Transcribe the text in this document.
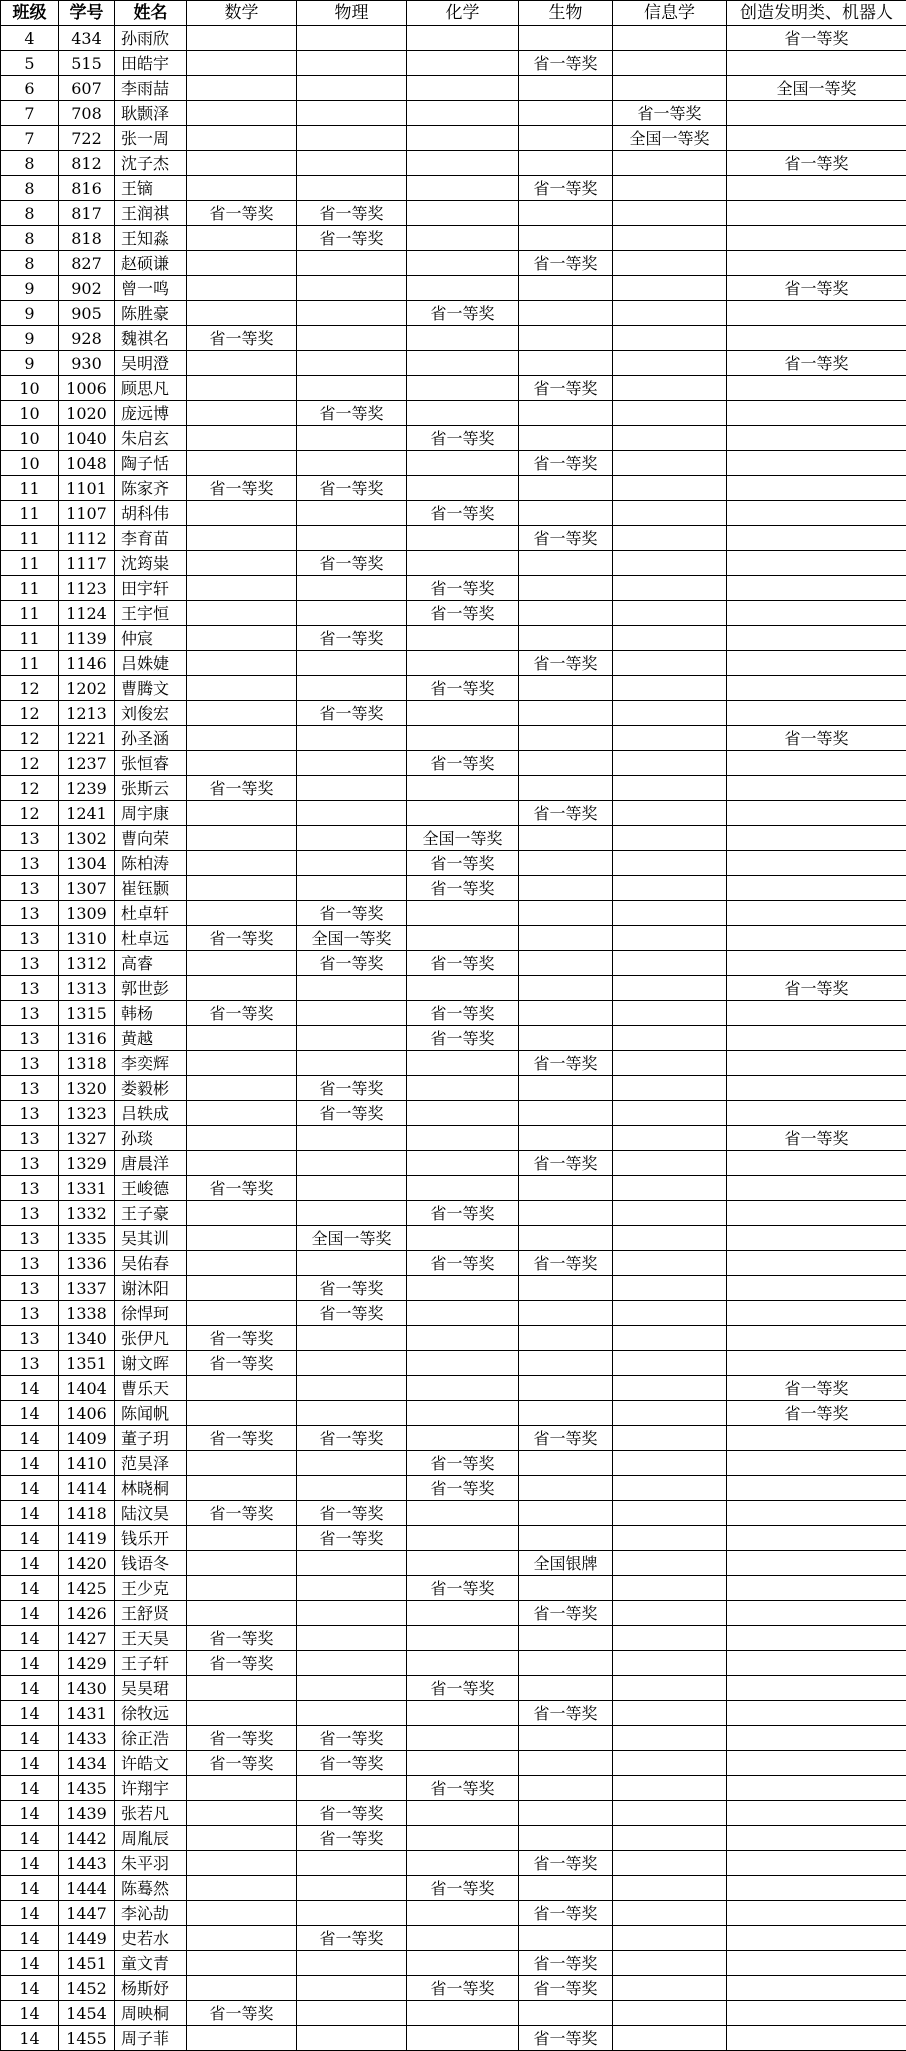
班级	学号	姓名	数学	物理	化学	生物	信息学	创造发明类、机器人
4	434	孙雨欣						省一等奖
5	515	田皓宇				省一等奖		
6	607	李雨喆						全国一等奖
7	708	耿颢泽					省一等奖	
7	722	张一周					全国一等奖	
8	812	沈子杰						省一等奖
8	816	王镝				省一等奖		
8	817	王润祺	省一等奖	省一等奖				
8	818	王知淼		省一等奖				
8	827	赵硕谦				省一等奖		
9	902	曾一鸣						省一等奖
9	905	陈胜豪			省一等奖			
9	928	魏祺名	省一等奖					
9	930	吴明澄						省一等奖
10	1006	顾思凡				省一等奖		
10	1020	庞远博		省一等奖				
10	1040	朱启玄			省一等奖			
10	1048	陶子恬				省一等奖		
11	1101	陈家齐	省一等奖	省一等奖				
11	1107	胡科伟			省一等奖			
11	1112	李育苗				省一等奖		
11	1117	沈筠粜		省一等奖				
11	1123	田宇轩			省一等奖			
11	1124	王宇恒			省一等奖			
11	1139	仲宸		省一等奖				
11	1146	吕姝婕				省一等奖		
12	1202	曹腾文			省一等奖			
12	1213	刘俊宏		省一等奖				
12	1221	孙圣涵						省一等奖
12	1237	张恒睿			省一等奖			
12	1239	张斯云	省一等奖					
12	1241	周宇康				省一等奖		
13	1302	曹向荣			全国一等奖			
13	1304	陈柏涛			省一等奖			
13	1307	崔钰颢			省一等奖			
13	1309	杜卓轩		省一等奖				
13	1310	杜卓远	省一等奖	全国一等奖				
13	1312	高睿		省一等奖	省一等奖			
13	1313	郭世彭						省一等奖
13	1315	韩杨	省一等奖		省一等奖			
13	1316	黄越			省一等奖			
13	1318	李奕辉				省一等奖		
13	1320	娄毅彬		省一等奖				
13	1323	吕轶成		省一等奖				
13	1327	孙琰						省一等奖
13	1329	唐晨洋				省一等奖		
13	1331	王峻德	省一等奖					
13	1332	王子豪			省一等奖			
13	1335	吴其训		全国一等奖				
13	1336	吴佑春			省一等奖	省一等奖		
13	1337	谢沐阳		省一等奖				
13	1338	徐悍珂		省一等奖				
13	1340	张伊凡	省一等奖					
13	1351	谢文晖	省一等奖					
14	1404	曹乐天						省一等奖
14	1406	陈闻帆						省一等奖
14	1409	董子玥	省一等奖	省一等奖		省一等奖		
14	1410	范昊泽			省一等奖			
14	1414	林晓桐			省一等奖			
14	1418	陆汶昊	省一等奖	省一等奖				
14	1419	钱乐开		省一等奖				
14	1420	钱语冬				全国银牌		
14	1425	王少克			省一等奖			
14	1426	王舒贤				省一等奖		
14	1427	王天昊	省一等奖					
14	1429	王子轩	省一等奖					
14	1430	吴昊珺			省一等奖			
14	1431	徐牧远				省一等奖		
14	1433	徐正浩	省一等奖	省一等奖				
14	1434	许皓文	省一等奖	省一等奖				
14	1435	许翔宇			省一等奖			
14	1439	张若凡		省一等奖				
14	1442	周胤辰		省一等奖				
14	1443	朱平羽				省一等奖		
14	1444	陈蓦然			省一等奖			
14	1447	李沁劼				省一等奖		
14	1449	史若水		省一等奖				
14	1451	童文青				省一等奖		
14	1452	杨斯妤			省一等奖	省一等奖		
14	1454	周映桐	省一等奖					
14	1455	周子菲				省一等奖		
